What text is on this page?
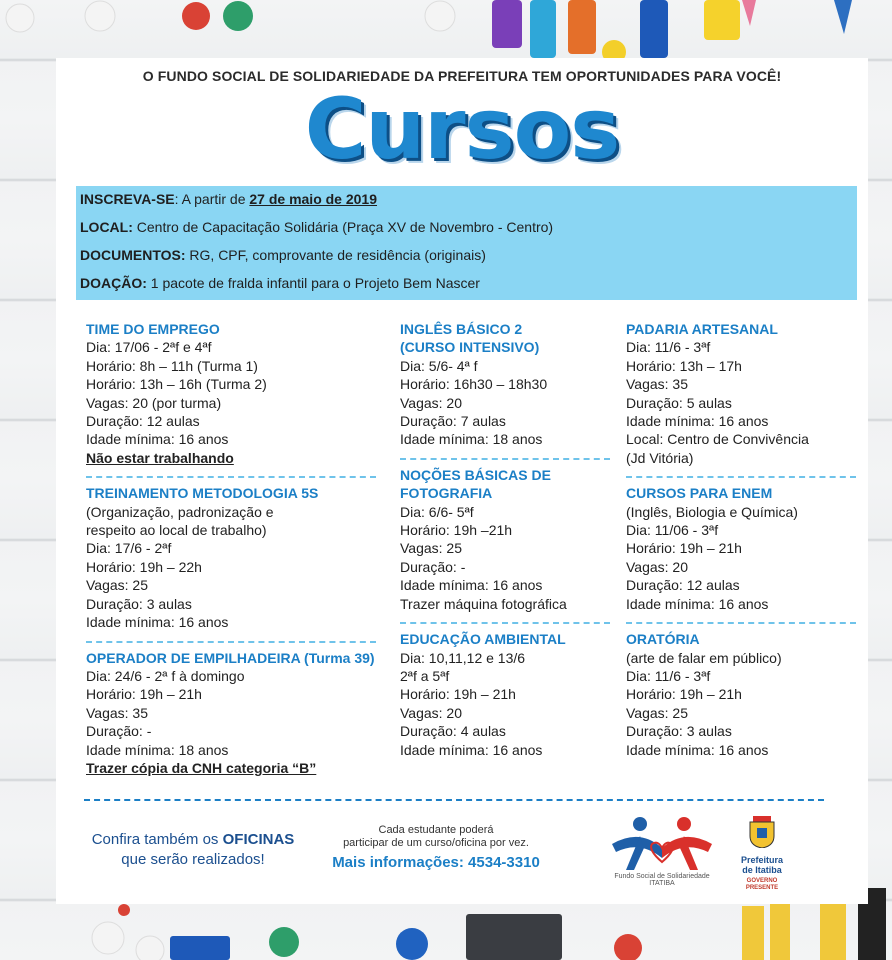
O FUNDO SOCIAL DE SOLIDARIEDADE DA PREFEITURA TEM OPORTUNIDADES PARA VOCÊ!
Cursos
INSCREVA-SE: A partir de 27 de maio de 2019
LOCAL: Centro de Capacitação Solidária (Praça XV de Novembro - Centro)
DOCUMENTOS: RG, CPF, comprovante de residência (originais)
DOAÇÃO: 1 pacote de fralda infantil para o Projeto Bem Nascer
TIME DO EMPREGO
Dia: 17/06 - 2ªf e 4ªf
Horário: 8h – 11h (Turma 1)
Horário: 13h – 16h (Turma 2)
Vagas: 20 (por turma)
Duração: 12 aulas
Idade mínima: 16 anos
Não estar trabalhando
TREINAMENTO METODOLOGIA 5S
(Organização, padronização e
respeito ao local de trabalho)
Dia: 17/6 - 2ªf
Horário: 19h – 22h
Vagas: 25
Duração: 3 aulas
Idade mínima: 16 anos
OPERADOR DE EMPILHADEIRA (Turma 39)
Dia: 24/6 - 2ª f à domingo
Horário: 19h – 21h
Vagas: 35
Duração: -
Idade mínima: 18 anos
Trazer cópia da CNH categoria “B”
INGLÊS BÁSICO 2
(CURSO INTENSIVO)
Dia: 5/6- 4ª f
Horário: 16h30 – 18h30
Vagas: 20
Duração: 7 aulas
Idade mínima: 18 anos
NOÇÕES BÁSICAS DE
FOTOGRAFIA
Dia: 6/6- 5ªf
Horário: 19h –21h
Vagas: 25
Duração: -
Idade mínima: 16 anos
Trazer máquina fotográfica
EDUCAÇÃO AMBIENTAL
Dia: 10,11,12 e 13/6
2ªf a 5ªf
Horário: 19h – 21h
Vagas: 20
Duração: 4 aulas
Idade mínima: 16 anos
PADARIA ARTESANAL
Dia: 11/6 - 3ªf
Horário: 13h – 17h
Vagas: 35
Duração: 5 aulas
Idade mínima: 16 anos
Local: Centro de Convivência
(Jd Vitória)
CURSOS PARA ENEM
(Inglês, Biologia e Química)
Dia: 11/06 - 3ªf
Horário: 19h – 21h
Vagas: 20
Duração: 12 aulas
Idade mínima: 16 anos
ORATÓRIA
(arte de falar em público)
Dia: 11/6 - 3ªf
Horário: 19h – 21h
Vagas: 25
Duração: 3 aulas
Idade mínima: 16 anos
Confira também os OFICINAS
que serão realizados!
Cada estudante poderá
participar de um curso/oficina por vez.
Mais informações: 4534-3310
Fundo Social de Solidariedade
ITATIBA
Prefeitura
de Itatiba
GOVERNO
PRESENTE
